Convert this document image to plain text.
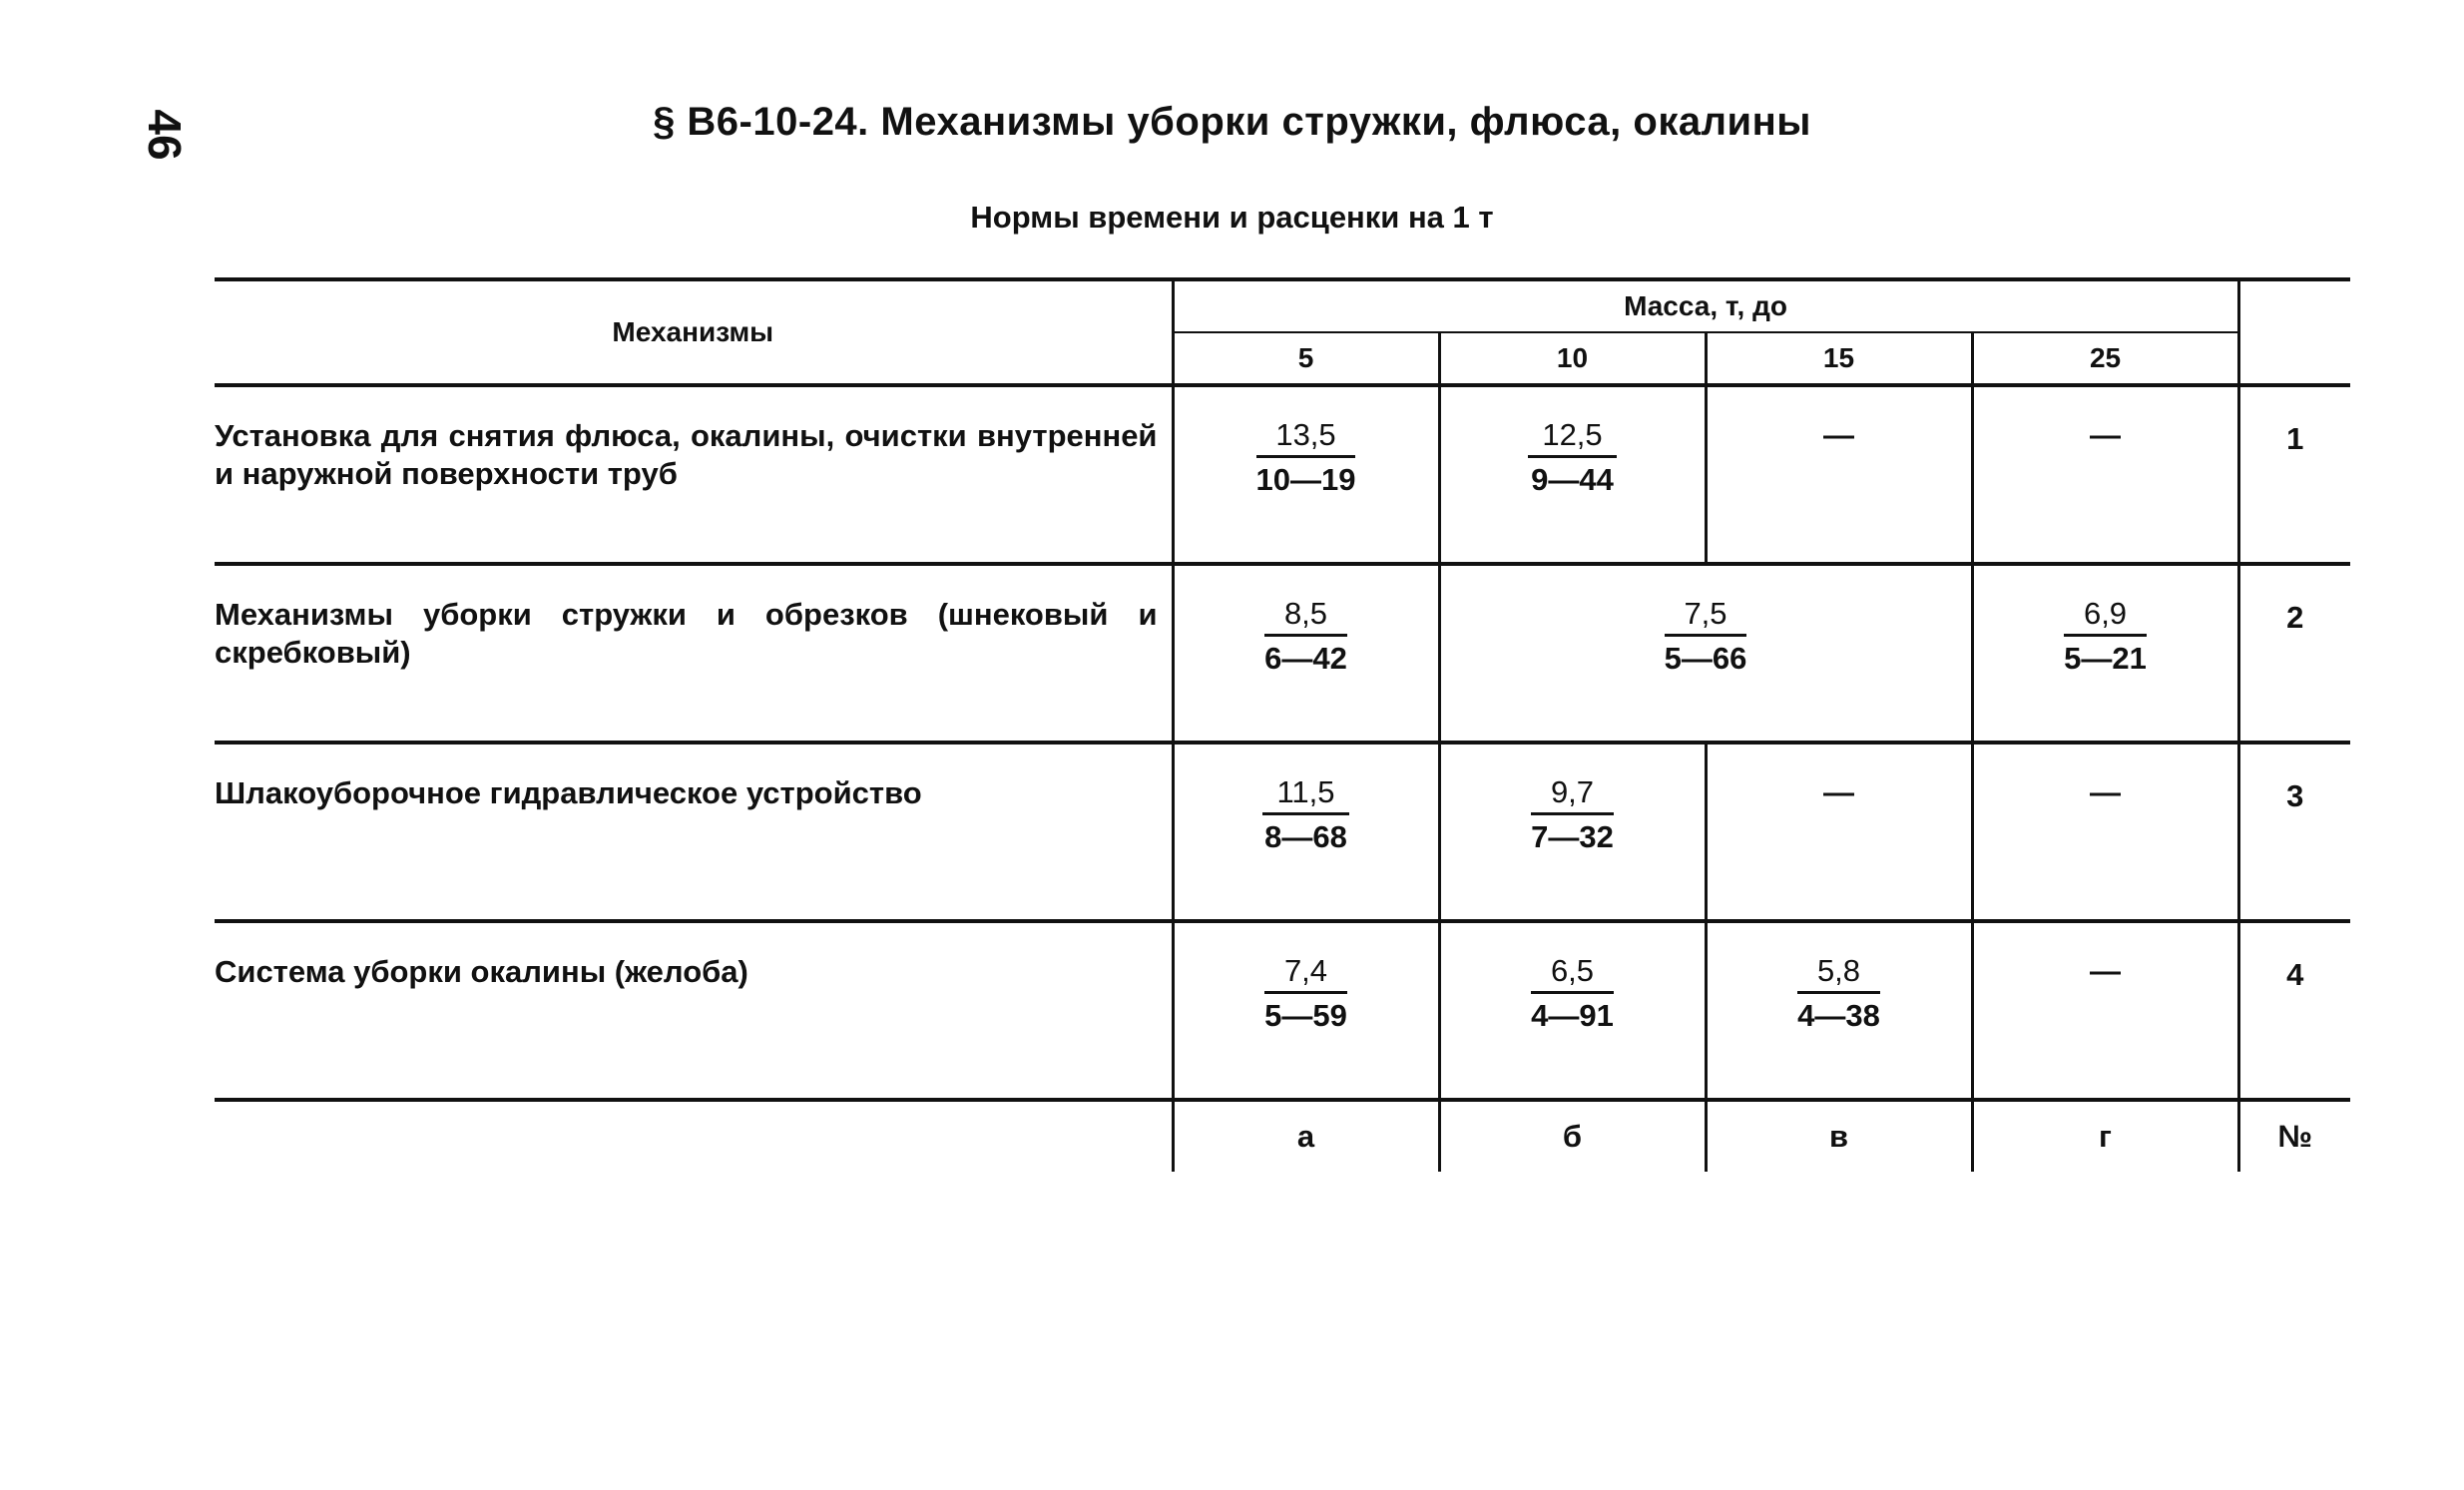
46	§ В6-10-24. Механизмы уборки стружки, флюса, окалины
Нормы времени и расценки на 1 т
Механизмы	Масса, т, до				
	5	10	15	25	
Установка для снятия флюса, окалины, очистки внутренней и наружной поверхности труб	$\frac{13,5}{10—19}$	$\frac{12,5}{9—44}$	—	—	1
Механизмы уборки стружки и обрезков (шнековый и скребковый)	$\frac{8,5}{6—42}$	$\frac{7,5}{5—66}$		$\frac{6,9}{5—21}$	2
Шлакоуборочное гидравлическое устройство	$\frac{11,5}{8—68}$	$\frac{9,7}{7—32}$	—	—	3
Система уборки окалины (желоба)	$\frac{7,4}{5—59}$	$\frac{6,5}{4—91}$	$\frac{5,8}{4—38}$	—	4
	а	б	в	г	№
